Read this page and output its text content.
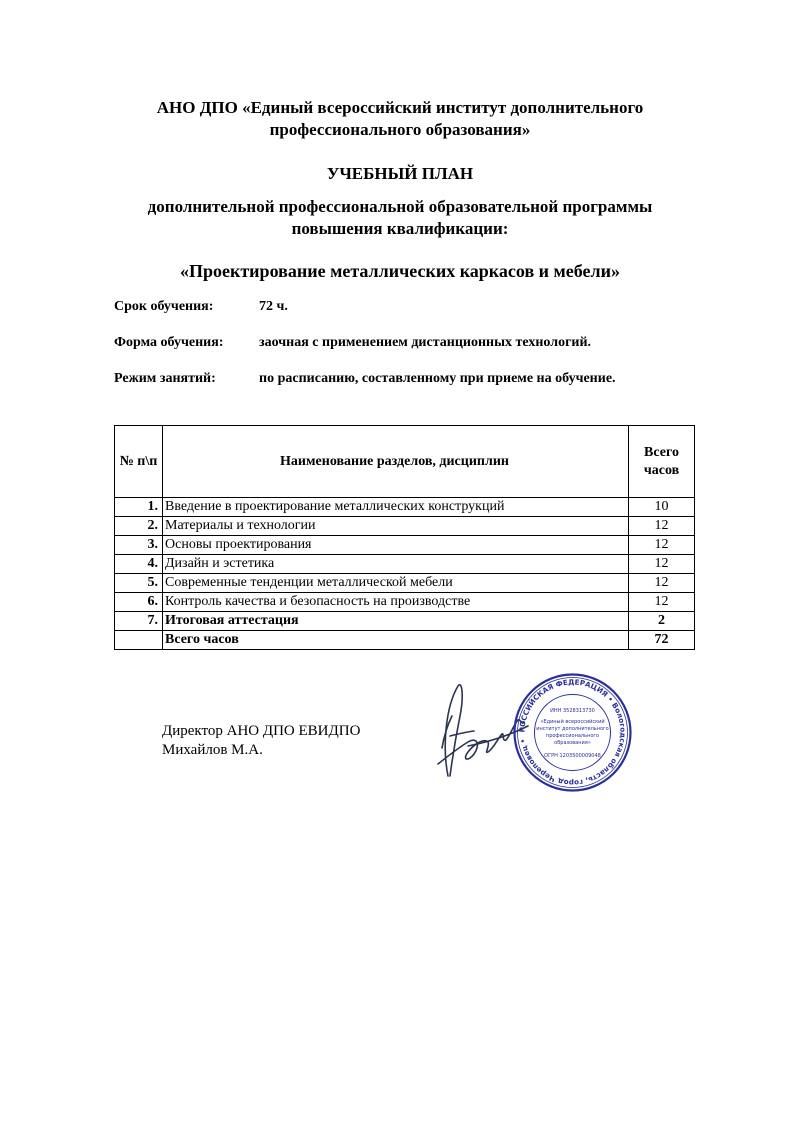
АНО ДПО «Единый всероссийский институт дополнительного
профессионального образования»
УЧЕБНЫЙ ПЛАН
дополнительной профессиональной образовательной программы
повышения квалификации:
«Проектирование металлических каркасов и мебели»
Срок обучения:	72 ч.
Форма обучения:	заочная с применением дистанционных технологий.
Режим занятий:	по расписанию, составленному при приеме на обучение.
№ п\п	Наименование разделов, дисциплин	Всего
часов

1.	Введение в проектирование металлических конструкций	10
2.	Материалы и технологии	12
3.	Основы проектирования	12
4.	Дизайн и эстетика	12
5.	Современные тенденции металлической мебели	12
6.	Контроль качества и безопасность на производстве	12
7.	Итоговая аттестация	2
	Всего часов	72
Директор АНО ДПО ЕВИДПО
Михайлов М.А.
РОССИЙСКАЯ ФЕДЕРАЦИЯ • Вологодская область, город Череповец •
ИНН 3528313730
«Единый всероссийский
институт дополнительного
профессионального
образования»
ОГРН 1203500009048
